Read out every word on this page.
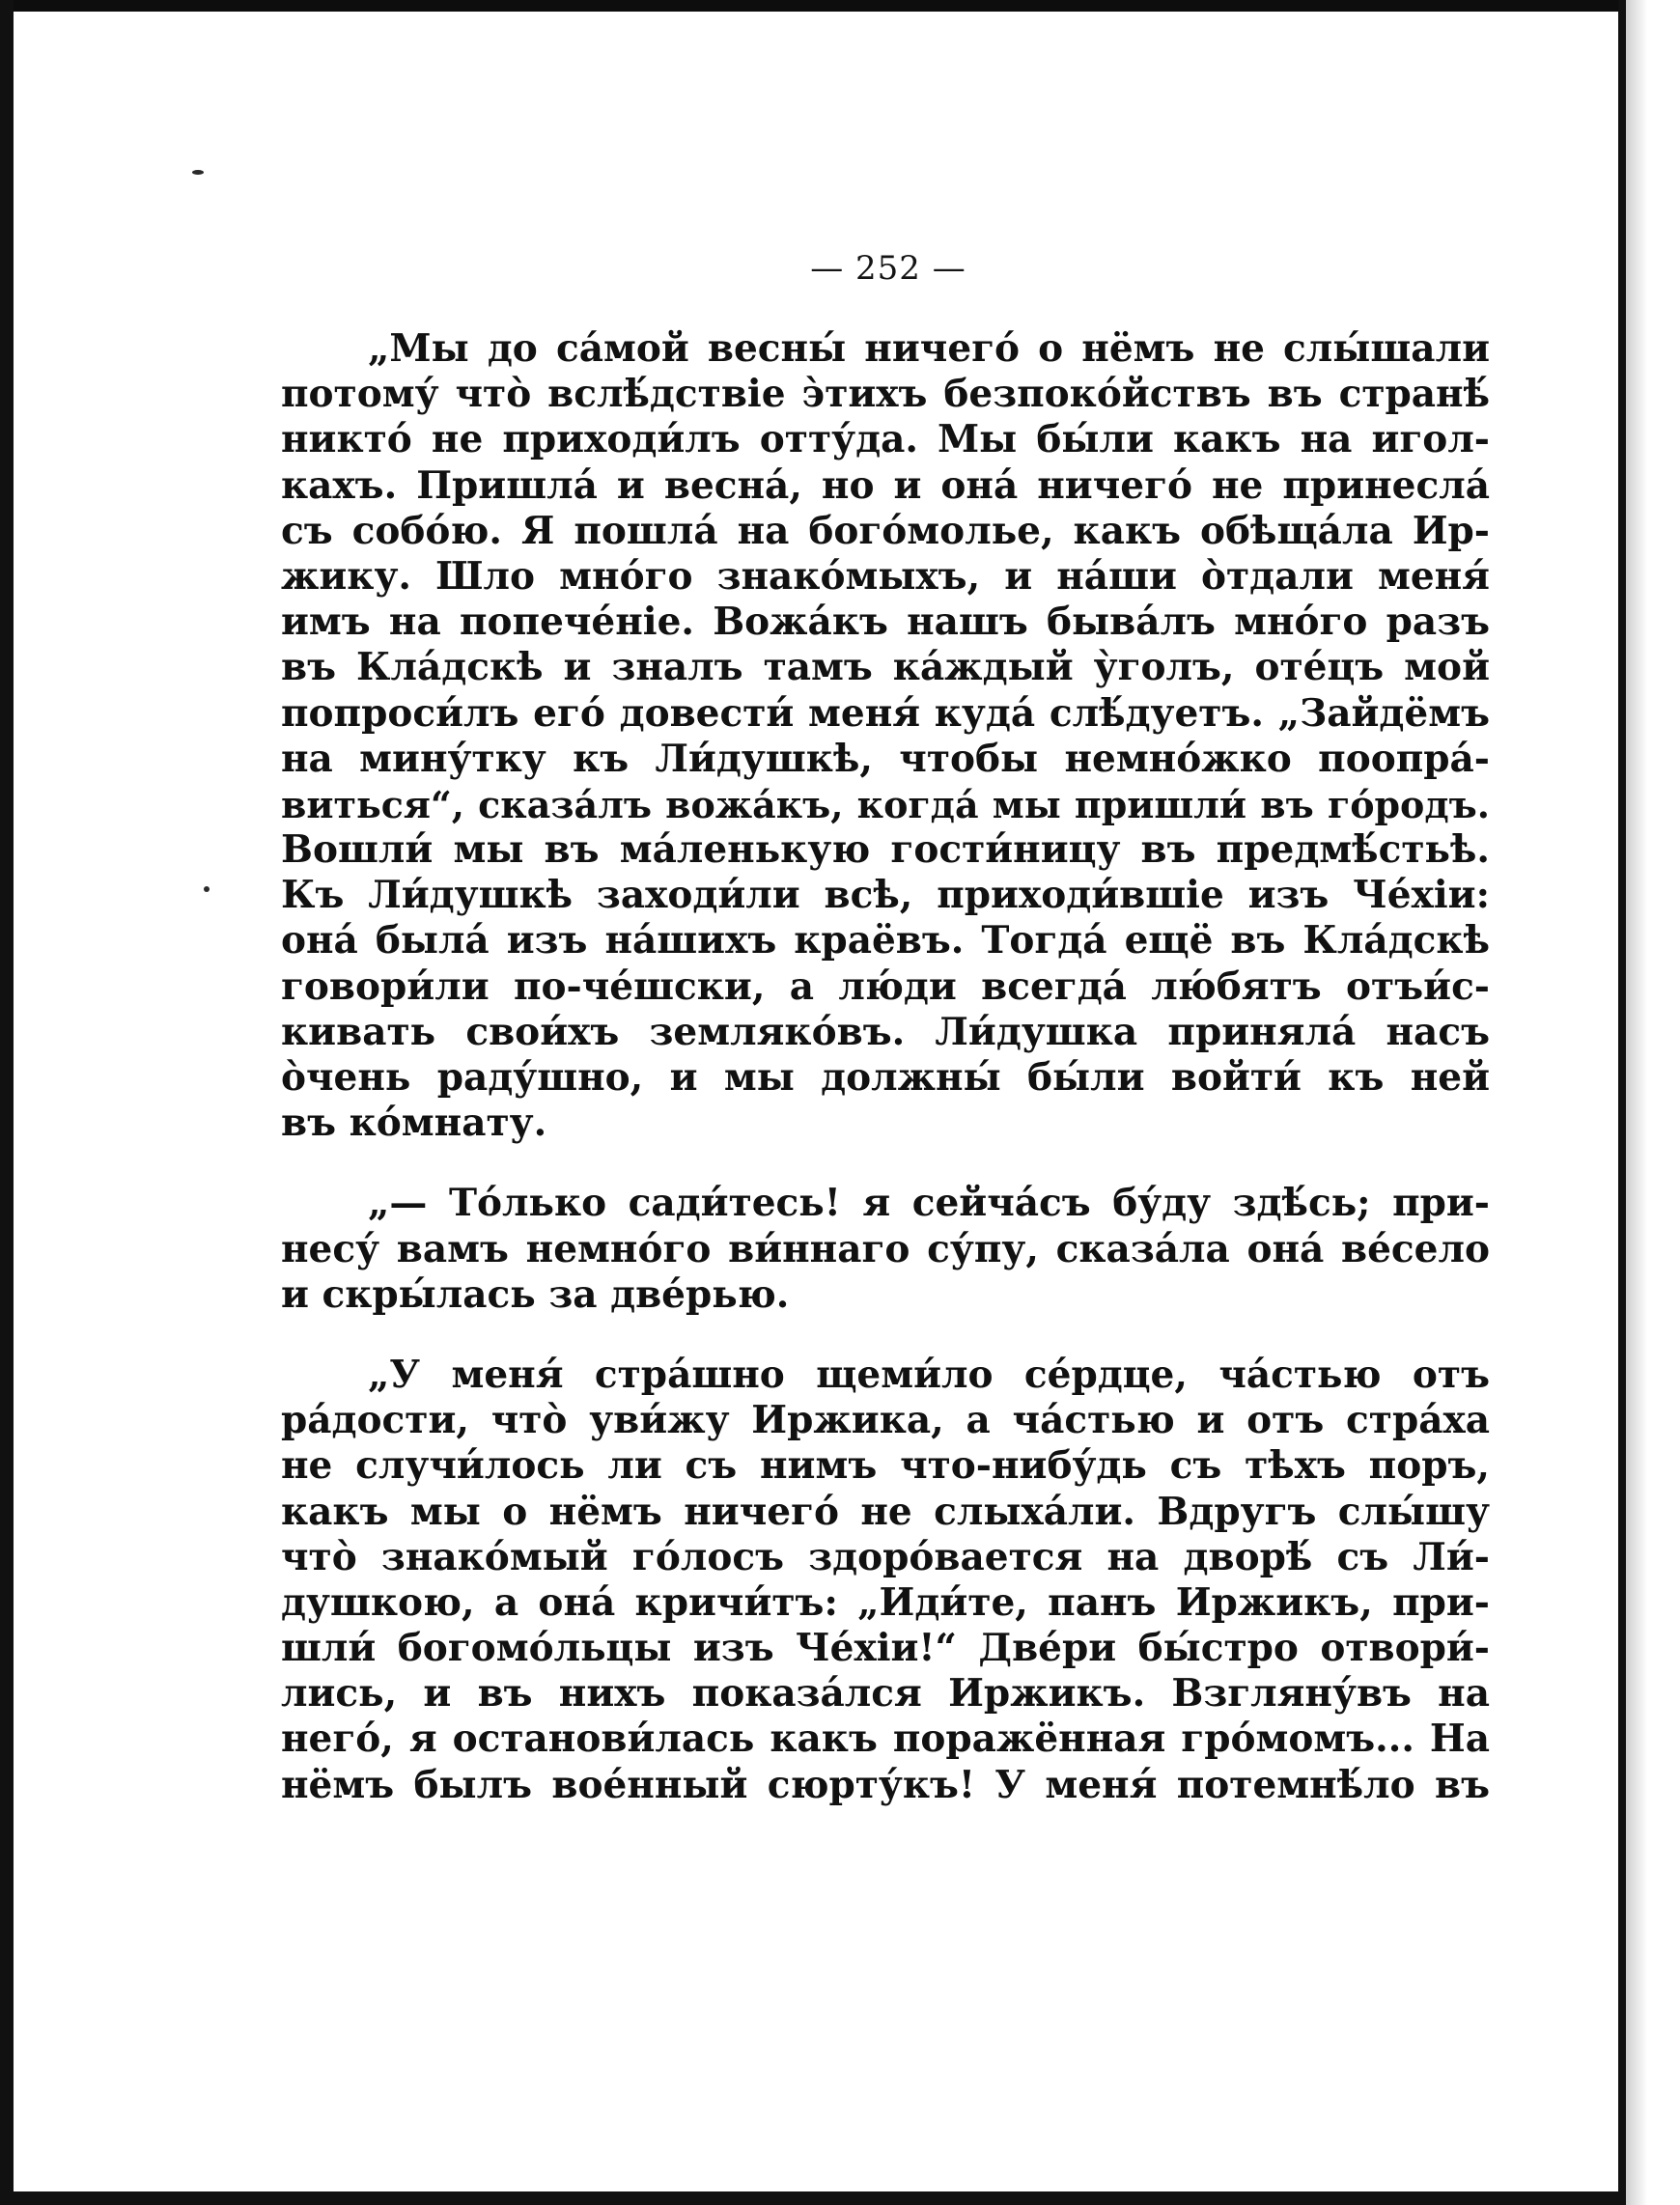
— 252 —
„Мы до са́мой весны́ ничего́ о нёмъ не слы́шали
потому́ что̀ вслѣ́дствіе э̀тихъ безпоко́йствъ въ странѣ́
никто́ не приходи́лъ отту́да. Мы бы́ли какъ на игол-
кахъ. Пришла́ и весна́, но и она́ ничего́ не принесла́
съ собо́ю. Я пошла́ на бого́молье, какъ обѣща́ла Ир-
жику. Шло мно́го знако́мыхъ, и на́ши о̀тдали меня́
имъ на попече́ніе. Вожа́къ нашъ быва́лъ мно́го разъ
въ Кла́дскѣ и зналъ тамъ ка́ждый у̀голъ, оте́цъ мой
попроси́лъ его́ довести́ меня́ куда́ слѣ́дуетъ. „Зайдёмъ
на мину́тку къ Ли́душкѣ, чтобы немно́жко поопра́-
виться“, сказа́лъ вожа́къ, когда́ мы пришли́ въ го́родъ.
Вошли́ мы въ ма́ленькую гости́ницу въ предмѣ́стьѣ.
Къ Ли́душкѣ заходи́ли всѣ, приходи́вшіе изъ Че́хіи:
она́ была́ изъ на́шихъ краёвъ. Тогда́ ещё въ Кла́дскѣ
говори́ли по-че́шски, а лю́ди всегда́ лю́бятъ отъи́с-
кивать свои́хъ земляко́въ. Ли́душка приняла́ насъ
о̀чень раду́шно, и мы должны́ бы́ли войти́ къ ней
въ ко́мнату.
„— То́лько сади́тесь! я сейча́съ бу́ду здѣ́сь; при-
несу́ вамъ немно́го ви́ннаго су́пу, сказа́ла она́ ве́село
и скры́лась за две́рью.
„У меня́ стра́шно щеми́ло се́рдце, ча́стью отъ
ра́дости, что̀ уви́жу Иржика, а ча́стью и отъ стра́ха
не случи́лось ли съ нимъ что-нибу́дь съ тѣхъ поръ,
какъ мы о нёмъ ничего́ не слыха́ли. Вдругъ слы́шу
что̀ знако́мый го́лосъ здоро́вается на дворѣ́ съ Ли́-
душкою, а она́ кричи́тъ: „Иди́те, панъ Иржикъ, при-
шли́ богомо́льцы изъ Че́хіи!“ Две́ри бы́стро отвори́-
лись, и въ нихъ показа́лся Иржикъ. Взгляну́въ на
него́, я останови́лась какъ поражённая гро́момъ... На
нёмъ былъ вое́нный сюрту́къ! У меня́ потемнѣ́ло въ
